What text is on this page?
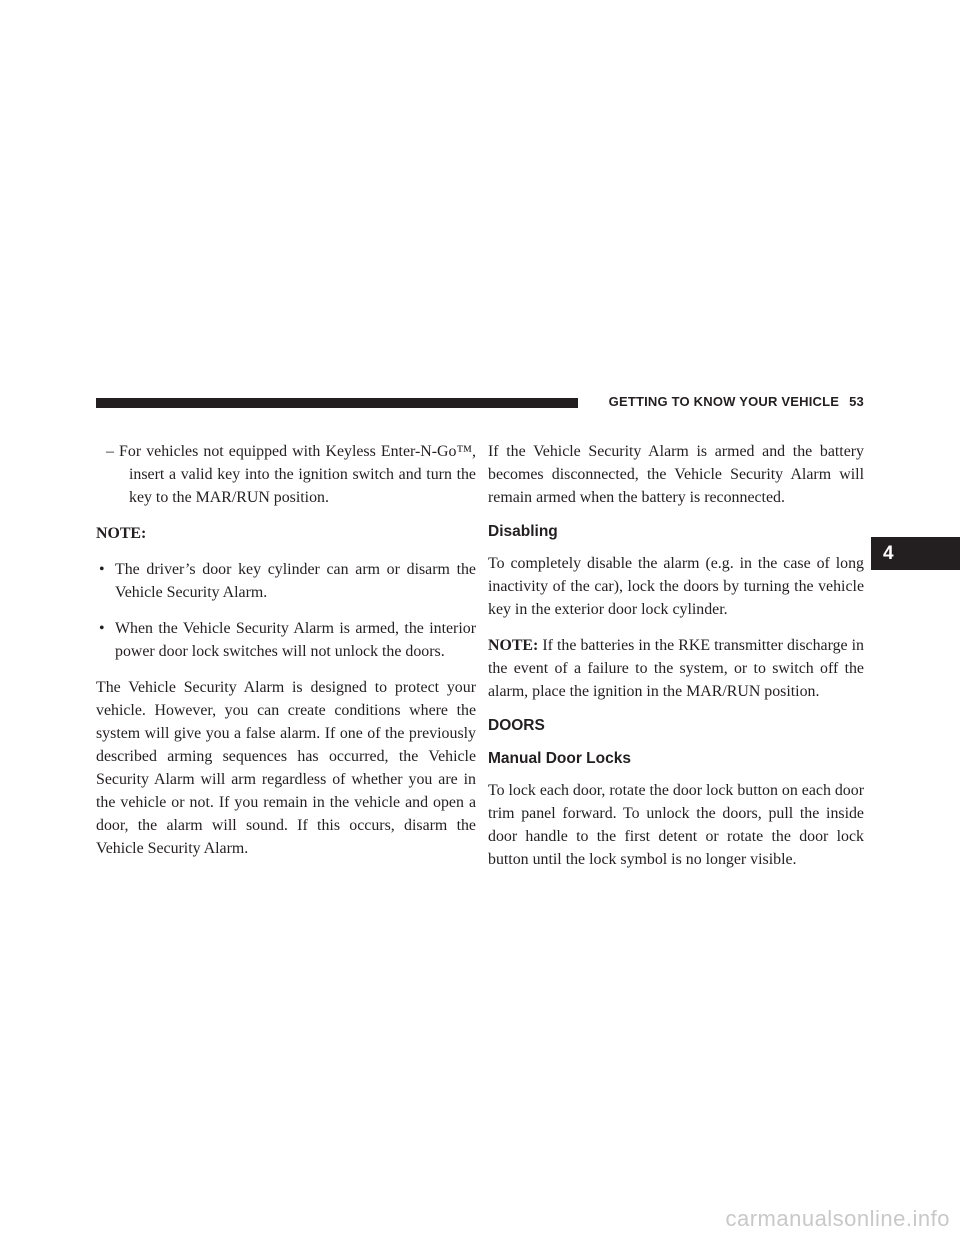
GETTING TO KNOW YOUR VEHICLE 53
4

– For vehicles not equipped with Keyless Enter-N-Go™, insert a valid key into the ignition switch and turn the key to the MAR/RUN position.

NOTE:

• The driver’s door key cylinder can arm or disarm the Vehicle Security Alarm.

• When the Vehicle Security Alarm is armed, the interior power door lock switches will not unlock the doors.

The Vehicle Security Alarm is designed to protect your vehicle. However, you can create conditions where the system will give you a false alarm. If one of the previously described arming sequences has occurred, the Vehicle Security Alarm will arm regardless of whether you are in the vehicle or not. If you remain in the vehicle and open a door, the alarm will sound. If this occurs, disarm the Vehicle Security Alarm.

If the Vehicle Security Alarm is armed and the battery becomes disconnected, the Vehicle Security Alarm will remain armed when the battery is reconnected.

Disabling

To completely disable the alarm (e.g. in the case of long inactivity of the car), lock the doors by turning the vehicle key in the exterior door lock cylinder.

NOTE: If the batteries in the RKE transmitter discharge in the event of a failure to the system, or to switch off the alarm, place the ignition in the MAR/RUN position.

DOORS
Manual Door Locks

To lock each door, rotate the door lock button on each door trim panel forward. To unlock the doors, pull the inside door handle to the first detent or rotate the door lock button until the lock symbol is no longer visible.

carmanualsonline.info
